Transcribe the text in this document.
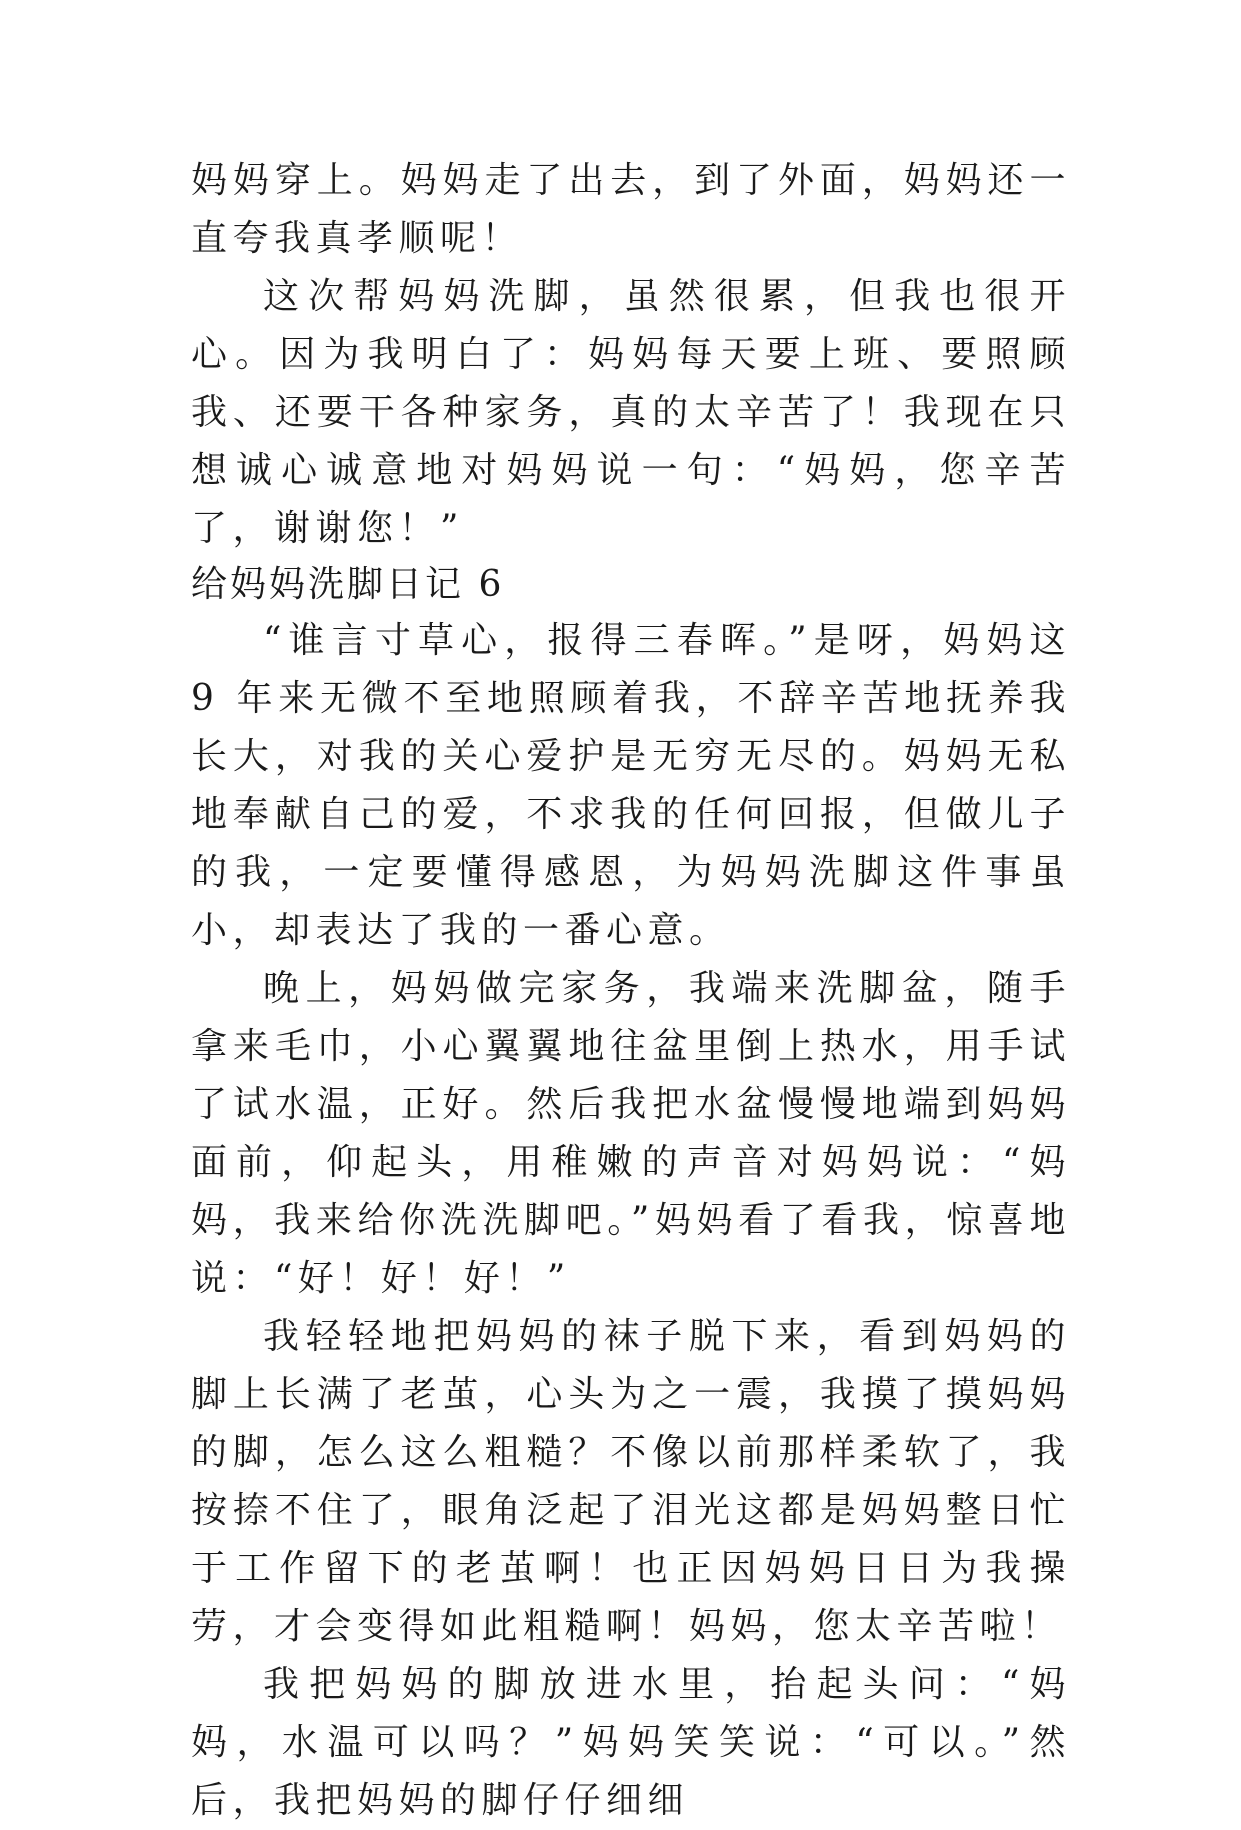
妈妈穿上。妈妈走了出去，到了外面，妈妈还一直夸我真孝顺呢！

这次帮妈妈洗脚，虽然很累，但我也很开心。因为我明白了：妈妈每天要上班、要照顾我、还要干各种家务，真的太辛苦了！我现在只想诚心诚意地对妈妈说一句：“妈妈，您辛苦了，谢谢您！”

给妈妈洗脚日记 6

“谁言寸草心，报得三春晖。”是呀，妈妈这 9 年来无微不至地照顾着我，不辞辛苦地抚养我长大，对我的关心爱护是无穷无尽的。妈妈无私地奉献自己的爱，不求我的任何回报，但做儿子的我，一定要懂得感恩，为妈妈洗脚这件事虽小，却表达了我的一番心意。

晚上，妈妈做完家务，我端来洗脚盆，随手拿来毛巾，小心翼翼地往盆里倒上热水，用手试了试水温，正好。然后我把水盆慢慢地端到妈妈面前，仰起头，用稚嫩的声音对妈妈说：“妈妈，我来给你洗洗脚吧。”妈妈看了看我，惊喜地说：“好！好！好！”

我轻轻地把妈妈的袜子脱下来，看到妈妈的脚上长满了老茧，心头为之一震，我摸了摸妈妈的脚，怎么这么粗糙？不像以前那样柔软了，我按捺不住了，眼角泛起了泪光这都是妈妈整日忙于工作留下的老茧啊！也正因妈妈日日为我操劳，才会变得如此粗糙啊！妈妈，您太辛苦啦！

我把妈妈的脚放进水里，抬起头问：“妈妈，水温可以吗？”妈妈笑笑说：“可以。”然后，我把妈妈的脚仔仔细细
